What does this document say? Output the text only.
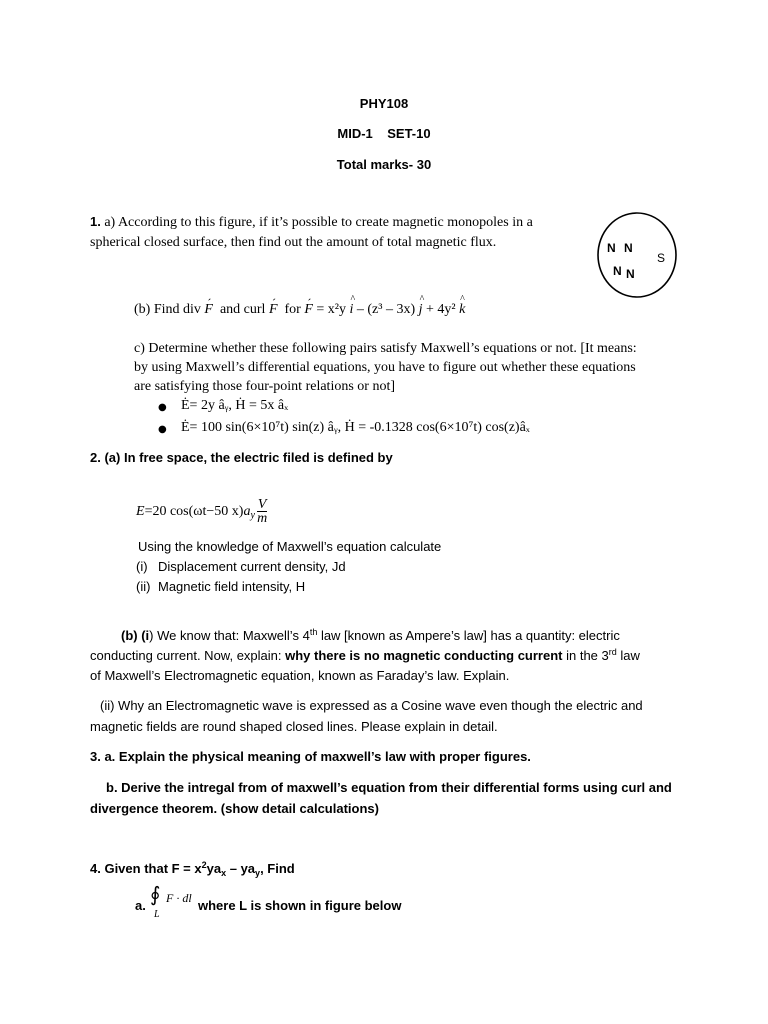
PHY108
MID-1    SET-10
Total marks- 30
1. a) According to this figure, if it’s possible to create magnetic monopoles in a
spherical closed surface, then find out the amount of total magnetic flux.	N N
N N
S
(b) Find div ´ F  and curl ´ F  for ´ F = x²y ^ i – (z³ – 3x) ^ j + 4y² ^ k
c) Determine whether these following pairs satisfy Maxwell’s equations or not. [It means:
by using Maxwell’s differential equations, you have to figure out whether these equations
are satisfying those four-point relations or not]
● Ė= 2y âᵧ, Ḣ = 5x âₓ
● Ė= 100 sin(6×10⁷t) sin(z) âᵧ, Ḣ = -0.1328 cos(6×10⁷t) cos(z)âₓ
2. (a) In free space, the electric filed is defined by
E=20 cos(ωt−50 $x)a_y \frac{V}{m}$
Using the knowledge of Maxwell’s equation calculate
(i) Displacement current density, Jd
(ii) Magnetic field intensity, H
(b) (i) We know that: Maxwell’s 4th law [known as Ampere’s law] has a quantity: electric
conducting current. Now, explain: why there is no magnetic conducting current in the 3rd law
of Maxwell’s Electromagnetic equation, known as Faraday’s law. Explain.
(ii) Why an Electromagnetic wave is expressed as a Cosine wave even though the electric and
magnetic fields are round shaped closed lines. Please explain in detail.
3. a. Explain the physical meaning of maxwell’s law with proper figures.
b. Derive the intregal from of maxwell’s equation from their differential forms using curl and
divergence theorem. (show detail calculations)
4. Given that $F = x^2ya_x - ya_y$, Find
a. ∮ F · dl
L
where L is shown in figure below
